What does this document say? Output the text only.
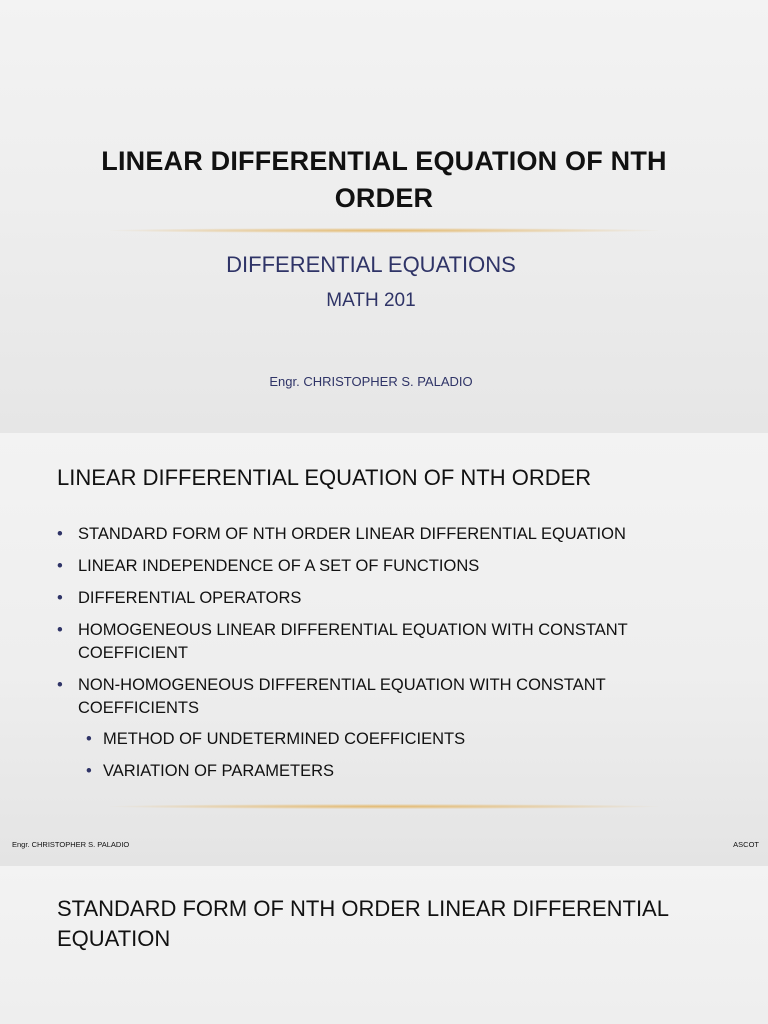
LINEAR DIFFERENTIAL EQUATION OF NTH ORDER
DIFFERENTIAL EQUATIONS
MATH 201
Engr. CHRISTOPHER S. PALADIO
LINEAR DIFFERENTIAL EQUATION OF NTH ORDER
• STANDARD FORM OF NTH ORDER LINEAR DIFFERENTIAL EQUATION
• LINEAR INDEPENDENCE OF A SET OF FUNCTIONS
• DIFFERENTIAL OPERATORS
• HOMOGENEOUS LINEAR DIFFERENTIAL EQUATION WITH CONSTANT COEFFICIENT
• NON-HOMOGENEOUS DIFFERENTIAL EQUATION WITH CONSTANT COEFFICIENTS
• METHOD OF UNDETERMINED COEFFICIENTS
• VARIATION OF PARAMETERS
Engr. CHRISTOPHER S. PALADIO	ASCOT
STANDARD FORM OF NTH ORDER LINEAR DIFFERENTIAL EQUATION
